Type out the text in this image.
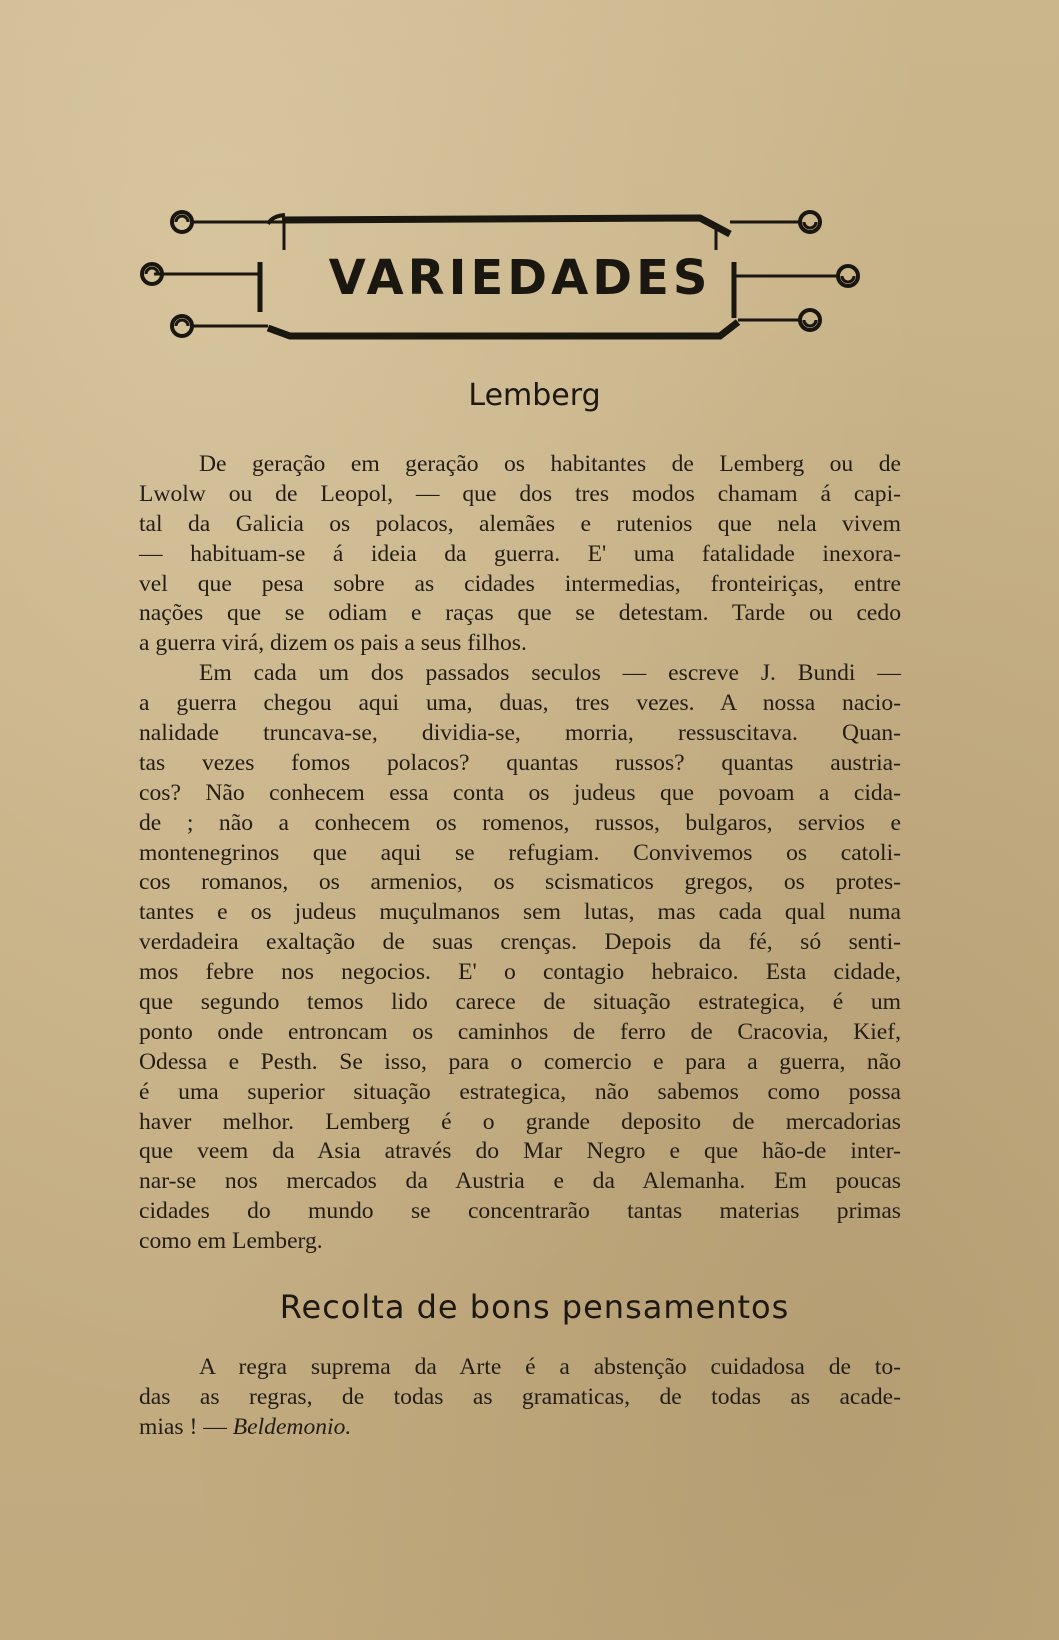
VARIEDADES
Lemberg
De geração em geração os habitantes de Lemberg ou de
Lwolw ou de Leopol, — que dos tres modos chamam á capi-
tal da Galicia os polacos, alemães e rutenios que nela vivem
— habituam-se á ideia da guerra. E' uma fatalidade inexora-
vel que pesa sobre as cidades intermedias, fronteiriças, entre
nações que se odiam e raças que se detestam. Tarde ou cedo
a guerra virá, dizem os pais a seus filhos.
Em cada um dos passados seculos — escreve J. Bundi —
a guerra chegou aqui uma, duas, tres vezes. A nossa nacio-
nalidade truncava-se, dividia-se, morria, ressuscitava. Quan-
tas vezes fomos polacos? quantas russos? quantas austria-
cos? Não conhecem essa conta os judeus que povoam a cida-
de ; não a conhecem os romenos, russos, bulgaros, servios e
montenegrinos que aqui se refugiam. Convivemos os catoli-
cos romanos, os armenios, os scismaticos gregos, os protes-
tantes e os judeus muçulmanos sem lutas, mas cada qual numa
verdadeira exaltação de suas crenças. Depois da fé, só senti-
mos febre nos negocios. E' o contagio hebraico. Esta cidade,
que segundo temos lido carece de situação estrategica, é um
ponto onde entroncam os caminhos de ferro de Cracovia, Kief,
Odessa e Pesth. Se isso, para o comercio e para a guerra, não
é uma superior situação estrategica, não sabemos como possa
haver melhor. Lemberg é o grande deposito de mercadorias
que veem da Asia através do Mar Negro e que hão-de inter-
nar-se nos mercados da Austria e da Alemanha. Em poucas
cidades do mundo se concentrarão tantas materias primas
como em Lemberg.
Recolta de bons pensamentos
A regra suprema da Arte é a abstenção cuidadosa de to-
das as regras, de todas as gramaticas, de todas as acade-
mias ! — Beldemonio.
